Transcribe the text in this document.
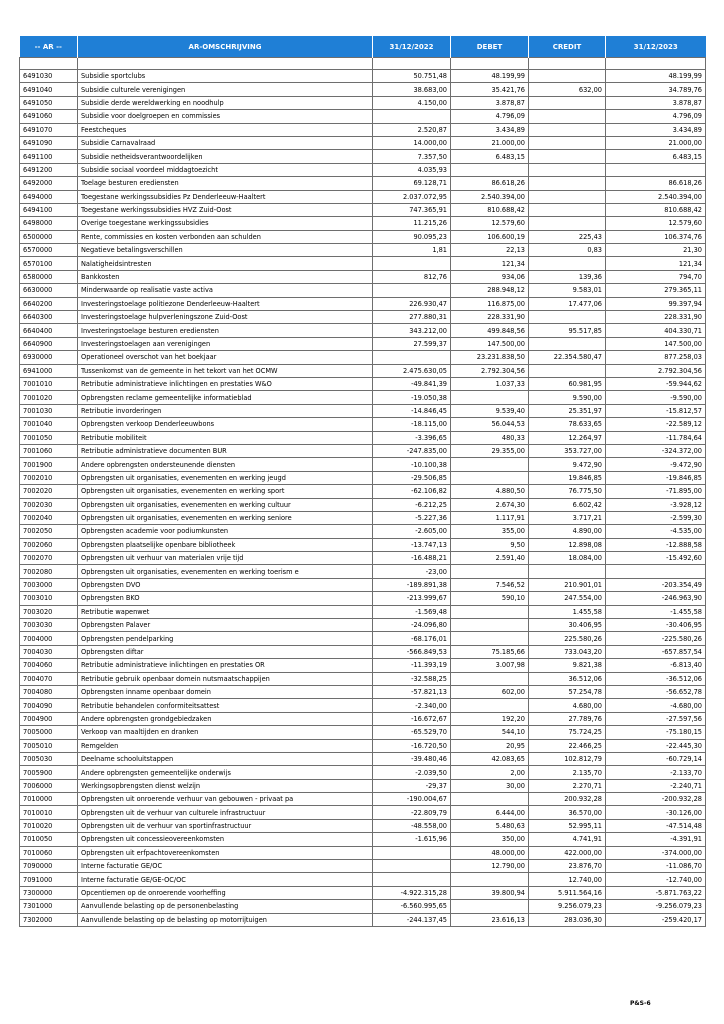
-- AR --	AR-OMSCHRIJVING	31/12/2022	DEBET	CREDIT	31/12/2023

6491030	Subsidie sportclubs	50.751,48	48.199,99		48.199,99
6491040	Subsidie culturele verenigingen	38.683,00	35.421,76	632,00	34.789,76
6491050	Subsidie derde wereldwerking en noodhulp	4.150,00	3.878,87		3.878,87
6491060	Subsidie voor doelgroepen en commissies		4.796,09		4.796,09
6491070	Feestcheques	2.520,87	3.434,89		3.434,89
6491090	Subsidie Carnavalraad	14.000,00	21.000,00		21.000,00
6491100	Subsidie netheidsverantwoordelijken	7.357,50	6.483,15		6.483,15
6491200	Subsidie sociaal voordeel middagtoezicht	4.035,93			
6492000	Toelage besturen erediensten	69.128,71	86.618,26		86.618,26
6494000	Toegestane werkingssubsidies Pz Denderleeuw-Haaltert	2.037.072,95	2.540.394,00		2.540.394,00
6494100	Toegestane werkingssubsidies HVZ Zuid-Oost	747.365,91	810.688,42		810.688,42
6498000	Overige toegestane werkingssubsidies	11.215,26	12.579,60		12.579,60
6500000	Rente, commissies en kosten verbonden aan schulden	90.095,23	106.600,19	225,43	106.374,76
6570000	Negatieve betalingsverschillen	1,81	22,13	0,83	21,30
6570100	Nalatigheidsintresten		121,34		121,34
6580000	Bankkosten	812,76	934,06	139,36	794,70
6630000	Minderwaarde op realisatie vaste activa		288.948,12	9.583,01	279.365,11
6640200	Investeringstoelage politiezone Denderleeuw-Haaltert	226.930,47	116.875,00	17.477,06	99.397,94
6640300	Investeringstoelage hulpverleningszone Zuid-Oost	277.880,31	228.331,90		228.331,90
6640400	Investeringstoelage besturen erediensten	343.212,00	499.848,56	95.517,85	404.330,71
6640900	Investeringstoelagen aan verenigingen	27.599,37	147.500,00		147.500,00
6930000	Operationeel overschot van het boekjaar		23.231.838,50	22.354.580,47	877.258,03
6941000	Tussenkomst van de gemeente in het tekort van het OCMW	2.475.630,05	2.792.304,56		2.792.304,56
7001010	Retributie administratieve inlichtingen en prestaties W&O	-49.841,39	1.037,33	60.981,95	-59.944,62
7001020	Opbrengsten reclame gemeentelijke informatieblad	-19.050,38		9.590,00	-9.590,00
7001030	Retributie invorderingen	-14.846,45	9.539,40	25.351,97	-15.812,57
7001040	Opbrengsten verkoop Denderleeuwbons	-18.115,00	56.044,53	78.633,65	-22.589,12
7001050	Retributie mobiliteit	-3.396,65	480,33	12.264,97	-11.784,64
7001060	Retributie administratieve documenten BUR	-247.835,00	29.355,00	353.727,00	-324.372,00
7001900	Andere opbrengsten ondersteunende diensten	-10.100,38		9.472,90	-9.472,90
7002010	Opbrengsten uit organisaties, evenementen en werking jeugd	-29.506,85		19.846,85	-19.846,85
7002020	Opbrengsten uit organisaties, evenementen en werking sport	-62.106,82	4.880,50	76.775,50	-71.895,00
7002030	Opbrengsten uit organisaties, evenementen en werking cultuur	-6.212,25	2.674,30	6.602,42	-3.928,12
7002040	Opbrengsten uit organisaties, evenementen en werking seniore	-5.227,36	1.117,91	3.717,21	-2.599,30
7002050	Opbrengsten academie voor podiumkunsten	-2.605,00	355,00	4.890,00	-4.535,00
7002060	Opbrengsten plaatselijke openbare bibliotheek	-13.747,13	9,50	12.898,08	-12.888,58
7002070	Opbrengsten uit verhuur van materialen vrije tijd	-16.488,21	2.591,40	18.084,00	-15.492,60
7002080	Opbrengsten uit organisaties, evenementen en werking toerism e	-23,00			
7003000	Opbrengsten DVO	-189.891,38	7.546,52	210.901,01	-203.354,49
7003010	Opbrengsten BKO	-213.999,67	590,10	247.554,00	-246.963,90
7003020	Retributie wapenwet	-1.569,48		1.455,58	-1.455,58
7003030	Opbrengsten Palaver	-24.096,80		30.406,95	-30.406,95
7004000	Opbrengsten pendelparking	-68.176,01		225.580,26	-225.580,26
7004030	Opbrengsten diftar	-566.849,53	75.185,66	733.043,20	-657.857,54
7004060	Retributie administratieve inlichtingen en prestaties OR	-11.393,19	3.007,98	9.821,38	-6.813,40
7004070	Retributie gebruik openbaar domein nutsmaatschappijen	-32.588,25		36.512,06	-36.512,06
7004080	Opbrengsten inname openbaar domein	-57.821,13	602,00	57.254,78	-56.652,78
7004090	Retributie behandelen conformiteitsattest	-2.340,00		4.680,00	-4.680,00
7004900	Andere opbrengsten grondgebiedzaken	-16.672,67	192,20	27.789,76	-27.597,56
7005000	Verkoop van maaltijden en dranken	-65.529,70	544,10	75.724,25	-75.180,15
7005010	Remgelden	-16.720,50	20,95	22.466,25	-22.445,30
7005030	Deelname schooluitstappen	-39.480,46	42.083,65	102.812,79	-60.729,14
7005900	Andere opbrengsten gemeentelijke onderwijs	-2.039,50	2,00	2.135,70	-2.133,70
7006000	Werkingsopbrengsten dienst welzijn	-29,37	30,00	2.270,71	-2.240,71
7010000	Opbrengsten uit onroerende verhuur van gebouwen - privaat pa	-190.004,67		200.932,28	-200.932,28
7010010	Opbrengsten uit de verhuur van culturele infrastructuur	-22.809,79	6.444,00	36.570,00	-30.126,00
7010020	Opbrengsten uit de verhuur van sportinfrastructuur	-48.558,00	5.480,63	52.995,11	-47.514,48
7010050	Opbrengsten uit concessieovereenkomsten	-1.615,96	350,00	4.741,91	-4.391,91
7010060	Opbrengsten uit erfpachtovereenkomsten		48.000,00	422.000,00	-374.000,00
7090000	Interne facturatie GE/OC		12.790,00	23.876,70	-11.086,70
7091000	Interne facturatie GE/GE-OC/OC			12.740,00	-12.740,00
7300000	Opcentiemen op de onroerende voorheffing	-4.922.315,28	39.800,94	5.911.564,16	-5.871.763,22
7301000	Aanvullende belasting op de personenbelasting	-6.560.995,65		9.256.079,23	-9.256.079,23
7302000	Aanvullende belasting op de belasting op motorrijtuigen	-244.137,45	23.616,13	283.036,30	-259.420,17
P&S-6
